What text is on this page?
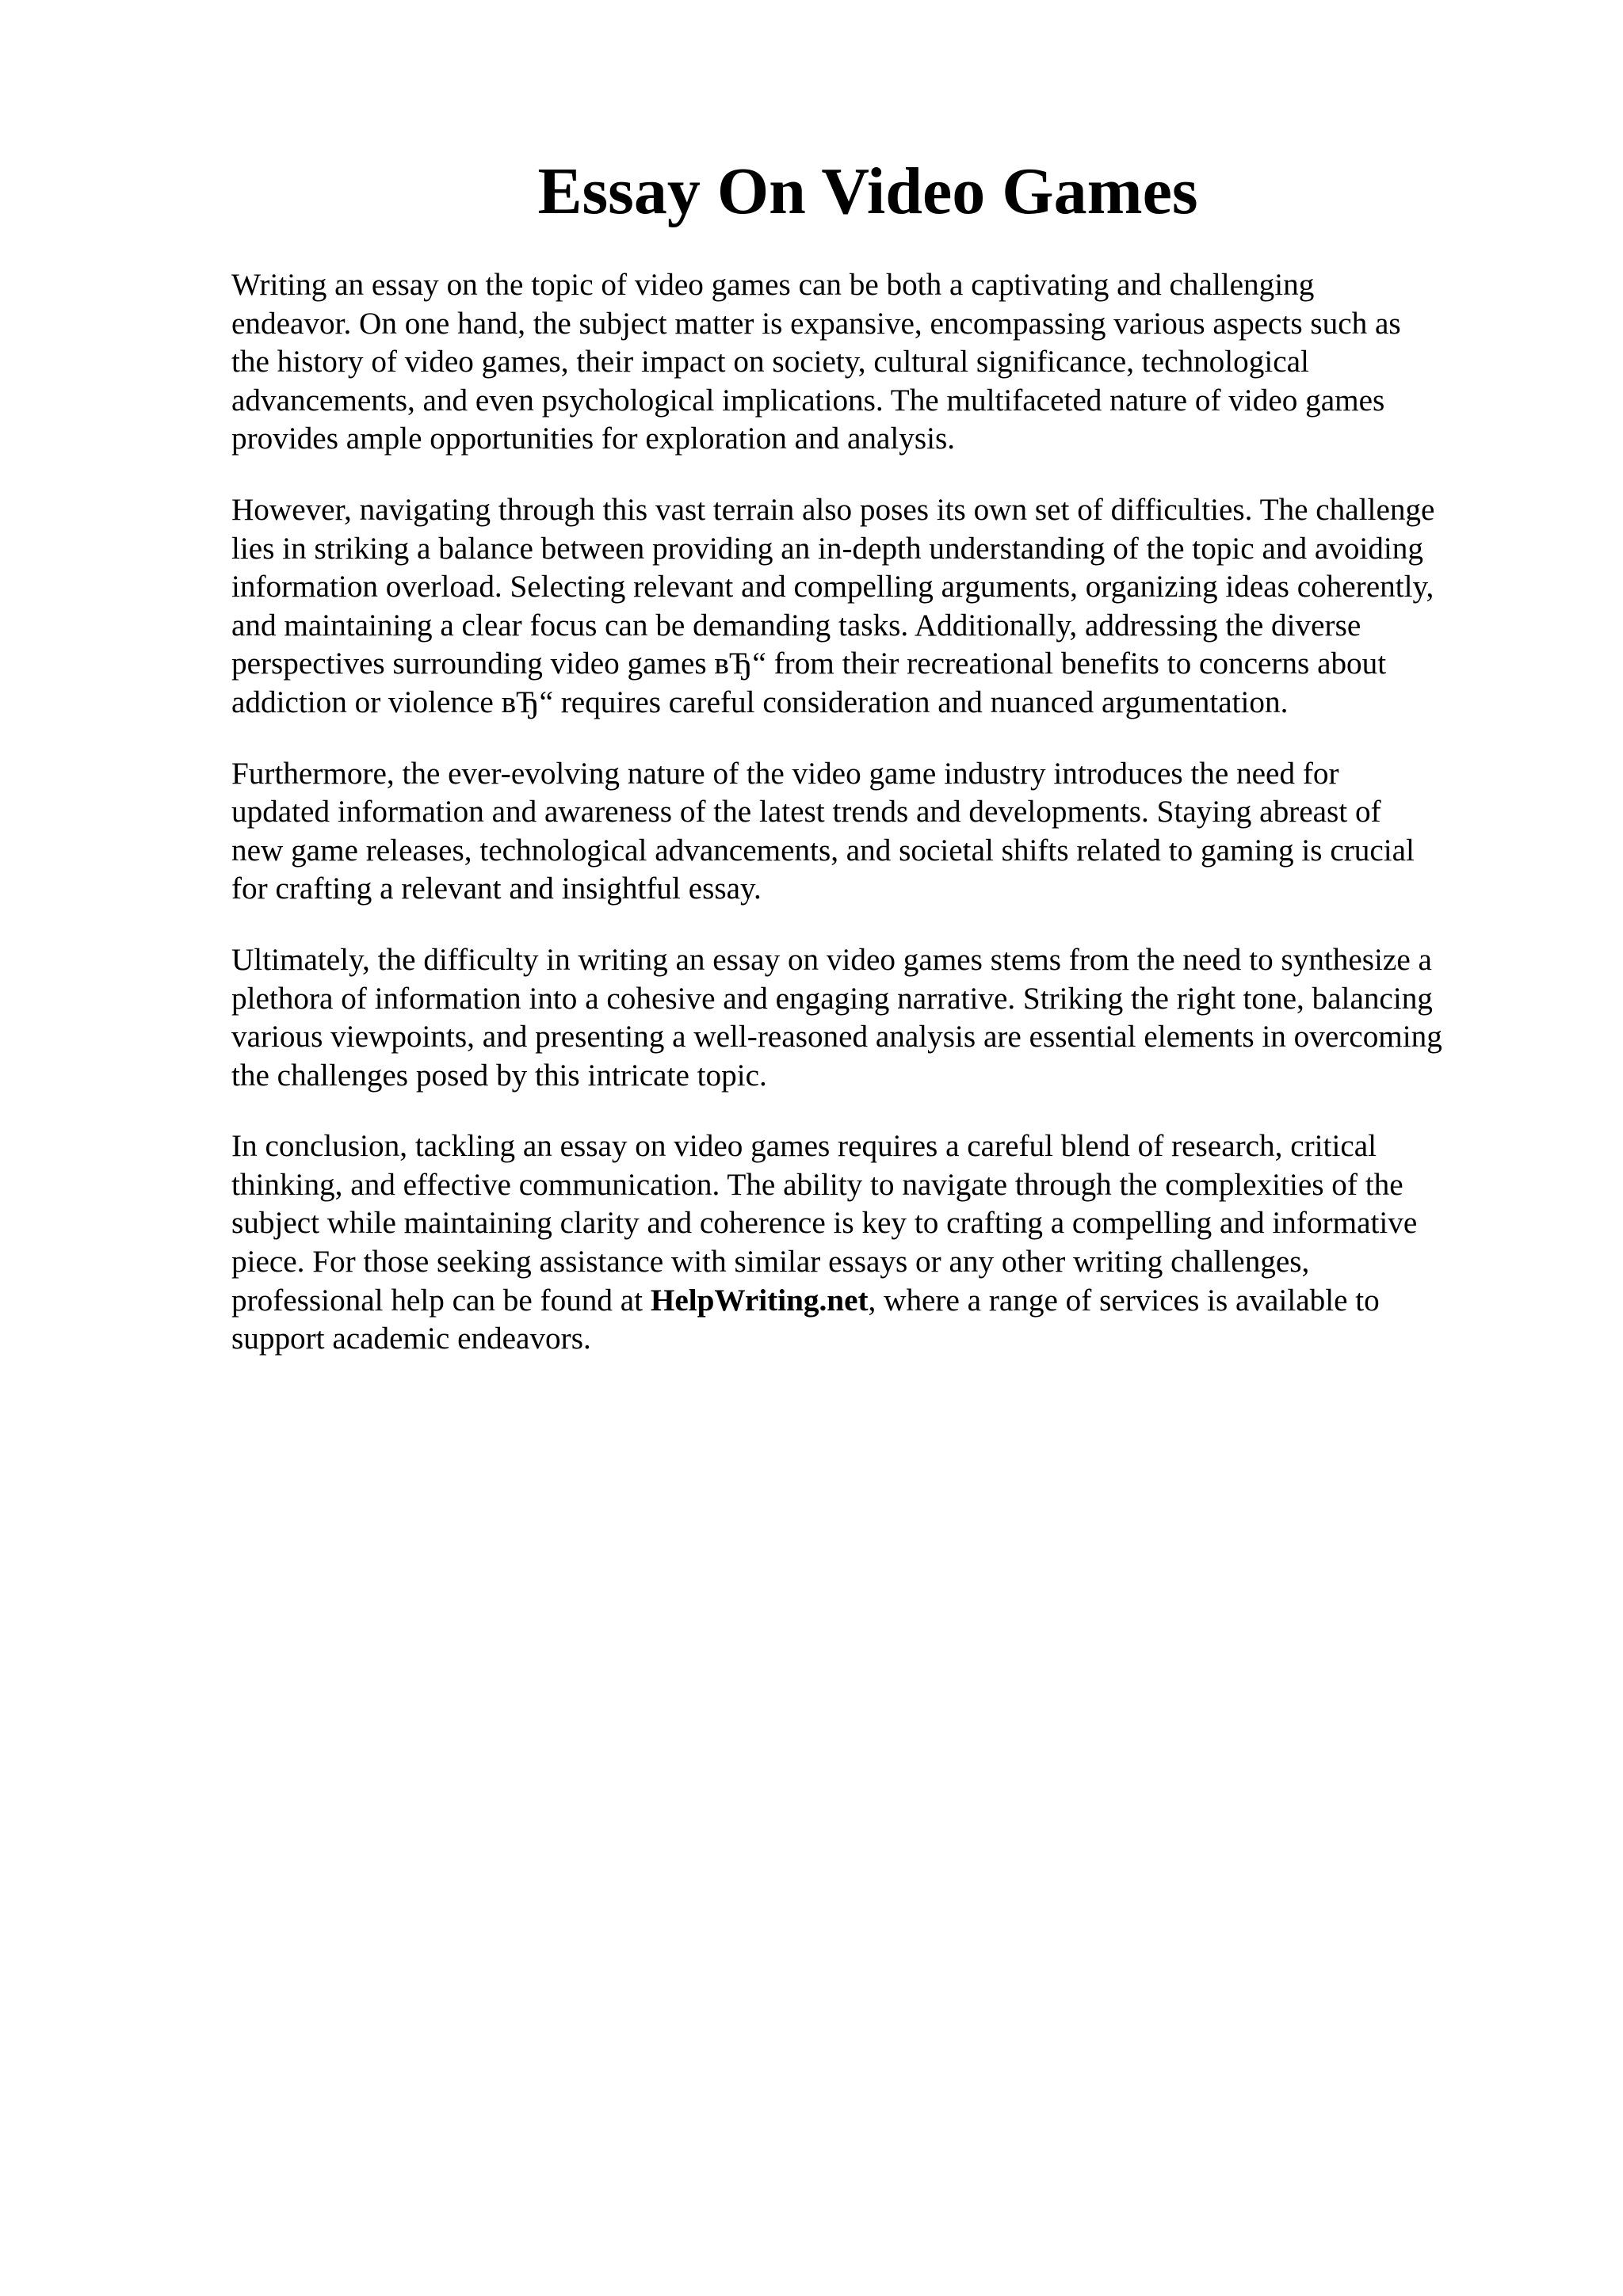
Essay On Video Games

Writing an essay on the topic of video games can be both a captivating and challenging
endeavor. On one hand, the subject matter is expansive, encompassing various aspects such as
the history of video games, their impact on society, cultural significance, technological
advancements, and even psychological implications. The multifaceted nature of video games
provides ample opportunities for exploration and analysis.

However, navigating through this vast terrain also poses its own set of difficulties. The challenge
lies in striking a balance between providing an in-depth understanding of the topic and avoiding
information overload. Selecting relevant and compelling arguments, organizing ideas coherently,
and maintaining a clear focus can be demanding tasks. Additionally, addressing the diverse
perspectives surrounding video games вЂ“ from their recreational benefits to concerns about
addiction or violence вЂ“ requires careful consideration and nuanced argumentation.

Furthermore, the ever-evolving nature of the video game industry introduces the need for
updated information and awareness of the latest trends and developments. Staying abreast of
new game releases, technological advancements, and societal shifts related to gaming is crucial
for crafting a relevant and insightful essay.

Ultimately, the difficulty in writing an essay on video games stems from the need to synthesize a
plethora of information into a cohesive and engaging narrative. Striking the right tone, balancing
various viewpoints, and presenting a well-reasoned analysis are essential elements in overcoming
the challenges posed by this intricate topic.

In conclusion, tackling an essay on video games requires a careful blend of research, critical
thinking, and effective communication. The ability to navigate through the complexities of the
subject while maintaining clarity and coherence is key to crafting a compelling and informative
piece. For those seeking assistance with similar essays or any other writing challenges,
professional help can be found at HelpWriting.net, where a range of services is available to
support academic endeavors.
